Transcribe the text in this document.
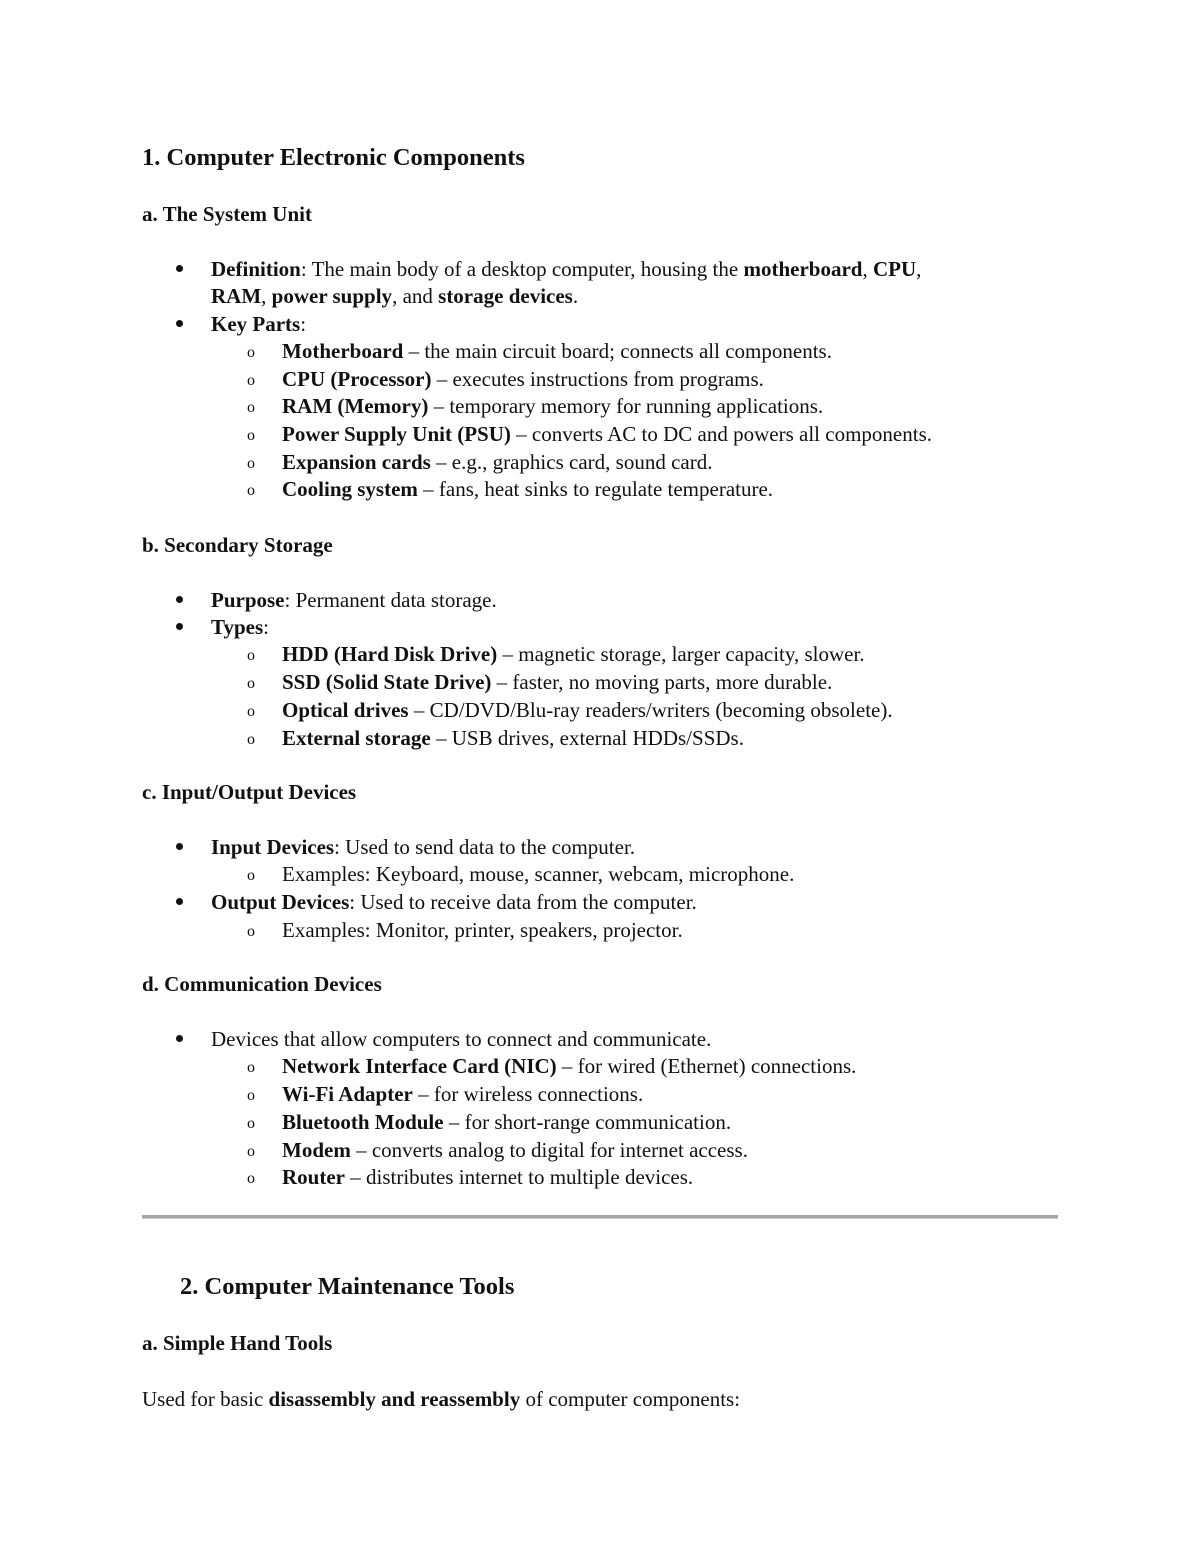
1. Computer Electronic Components
a. The System Unit
Definition: The main body of a desktop computer, housing the motherboard, CPU,
RAM, power supply, and storage devices.
Key Parts:
o Motherboard – the main circuit board; connects all components.
o CPU (Processor) – executes instructions from programs.
o RAM (Memory) – temporary memory for running applications.
o Power Supply Unit (PSU) – converts AC to DC and powers all components.
o Expansion cards – e.g., graphics card, sound card.
o Cooling system – fans, heat sinks to regulate temperature.
b. Secondary Storage
Purpose: Permanent data storage.
Types:
o HDD (Hard Disk Drive) – magnetic storage, larger capacity, slower.
o SSD (Solid State Drive) – faster, no moving parts, more durable.
o Optical drives – CD/DVD/Blu-ray readers/writers (becoming obsolete).
o External storage – USB drives, external HDDs/SSDs.
c. Input/Output Devices
Input Devices: Used to send data to the computer.
o Examples: Keyboard, mouse, scanner, webcam, microphone.
Output Devices: Used to receive data from the computer.
o Examples: Monitor, printer, speakers, projector.
d. Communication Devices
Devices that allow computers to connect and communicate.
o Network Interface Card (NIC) – for wired (Ethernet) connections.
o Wi-Fi Adapter – for wireless connections.
o Bluetooth Module – for short-range communication.
o Modem – converts analog to digital for internet access.
o Router – distributes internet to multiple devices.
2. Computer Maintenance Tools
a. Simple Hand Tools
Used for basic disassembly and reassembly of computer components:
